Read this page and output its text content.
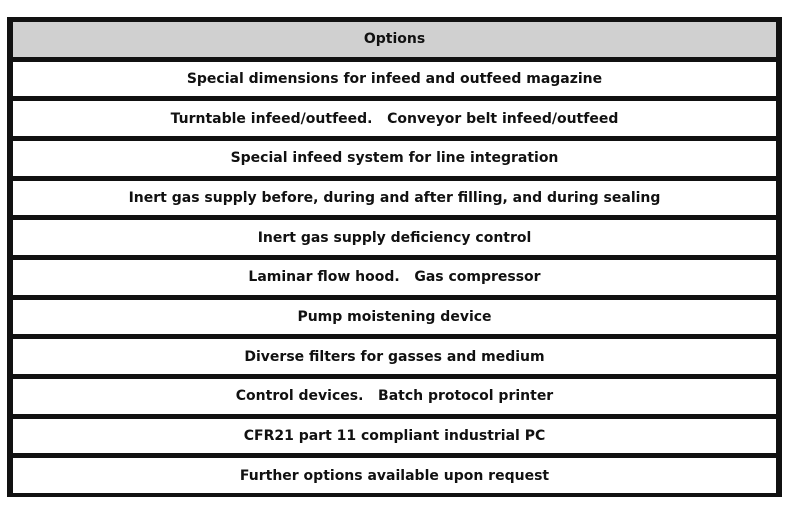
Options
Special dimensions for infeed and outfeed magazine
Turntable infeed/outfeed.   Conveyor belt infeed/outfeed
Special infeed system for line integration
Inert gas supply before, during and after filling, and during sealing
Inert gas supply deficiency control
Laminar flow hood.   Gas compressor
Pump moistening device
Diverse filters for gasses and medium
Control devices.   Batch protocol printer
CFR21 part 11 compliant industrial PC
Further options available upon request
